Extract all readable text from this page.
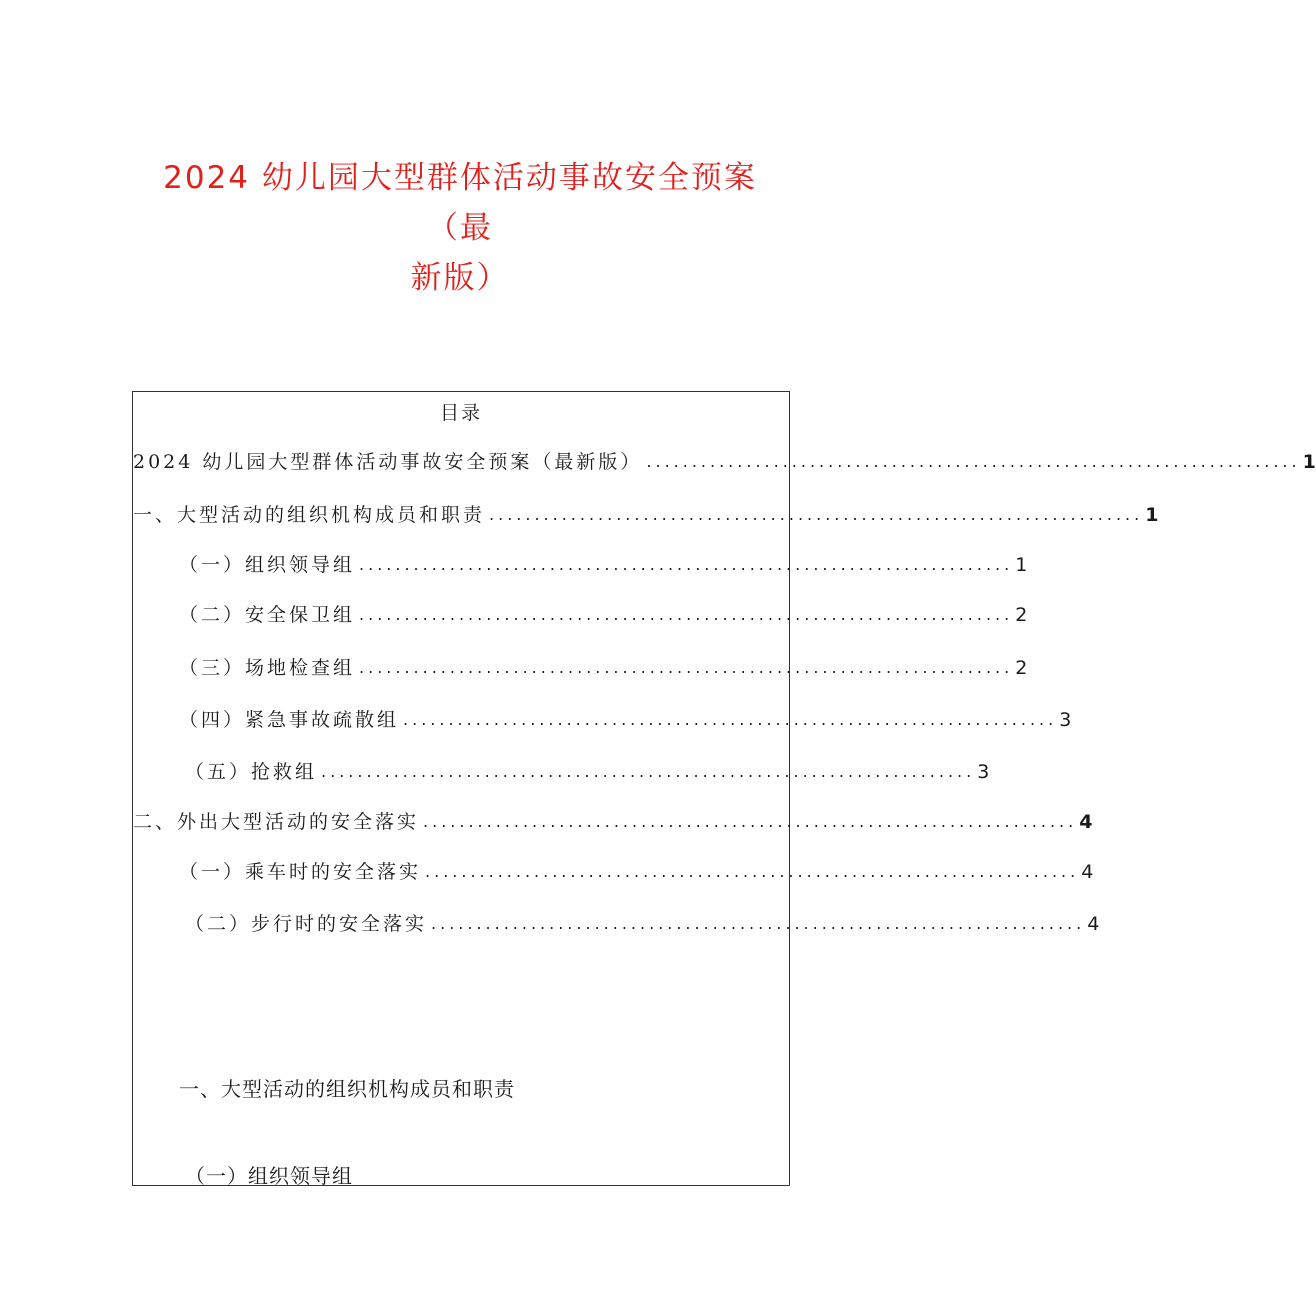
2024 幼儿园大型群体活动事故安全预案
（最
新版）
目录
2024 幼儿园大型群体活动事故安全预案（最新版） ........................................................................ 1
一、大型活动的组织机构成员和职责 ........................................................................ 1
（一）组织领导组 ........................................................................ 1
（二）安全保卫组 ........................................................................ 2
（三）场地检查组 ........................................................................ 2
（四）紧急事故疏散组 ........................................................................ 3
（五）抢救组 ........................................................................ 3
二、外出大型活动的安全落实 ........................................................................ 4
（一）乘车时的安全落实 ........................................................................ 4
（二）步行时的安全落实 ........................................................................ 4
一、大型活动的组织机构成员和职责
（一）组织领导组
